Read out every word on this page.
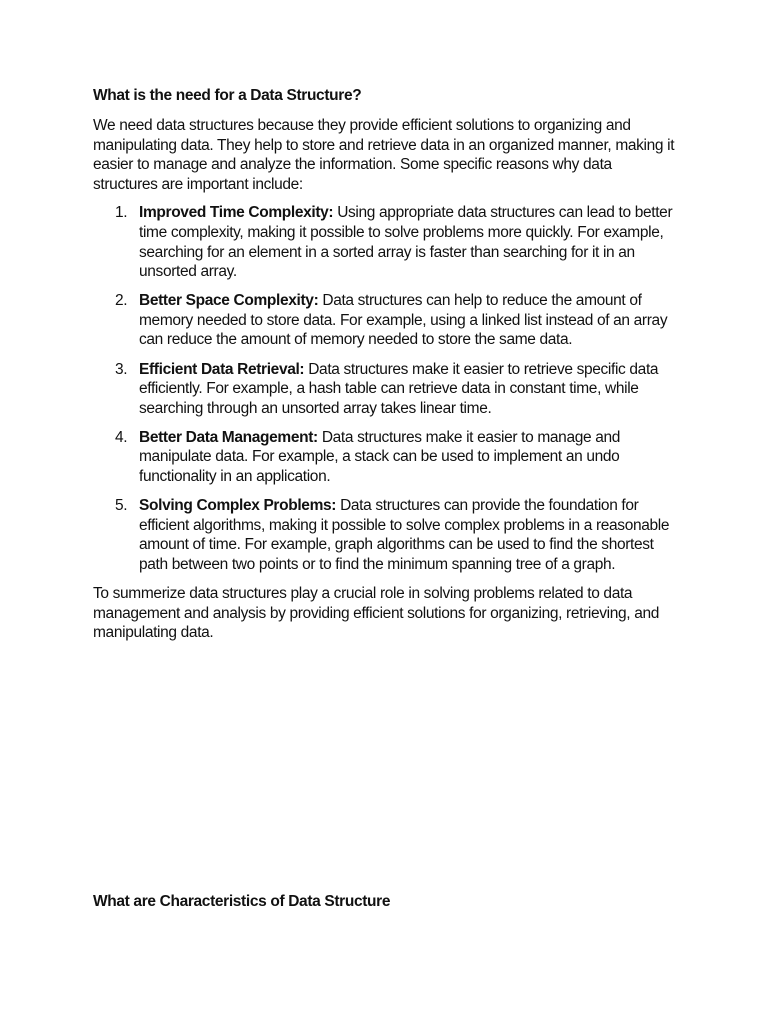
What is the need for a Data Structure?

We need data structures because they provide efficient solutions to organizing and manipulating data. They help to store and retrieve data in an organized manner, making it easier to manage and analyze the information. Some specific reasons why data structures are important include:

1. Improved Time Complexity: Using appropriate data structures can lead to better time complexity, making it possible to solve problems more quickly. For example, searching for an element in a sorted array is faster than searching for it in an unsorted array.
2. Better Space Complexity: Data structures can help to reduce the amount of memory needed to store data. For example, using a linked list instead of an array can reduce the amount of memory needed to store the same data.
3. Efficient Data Retrieval: Data structures make it easier to retrieve specific data efficiently. For example, a hash table can retrieve data in constant time, while searching through an unsorted array takes linear time.
4. Better Data Management: Data structures make it easier to manage and manipulate data. For example, a stack can be used to implement an undo functionality in an application.
5. Solving Complex Problems: Data structures can provide the foundation for efficient algorithms, making it possible to solve complex problems in a reasonable amount of time. For example, graph algorithms can be used to find the shortest path between two points or to find the minimum spanning tree of a graph.

To summerize data structures play a crucial role in solving problems related to data management and analysis by providing efficient solutions for organizing, retrieving, and manipulating data.

What are Characteristics of Data Structure
